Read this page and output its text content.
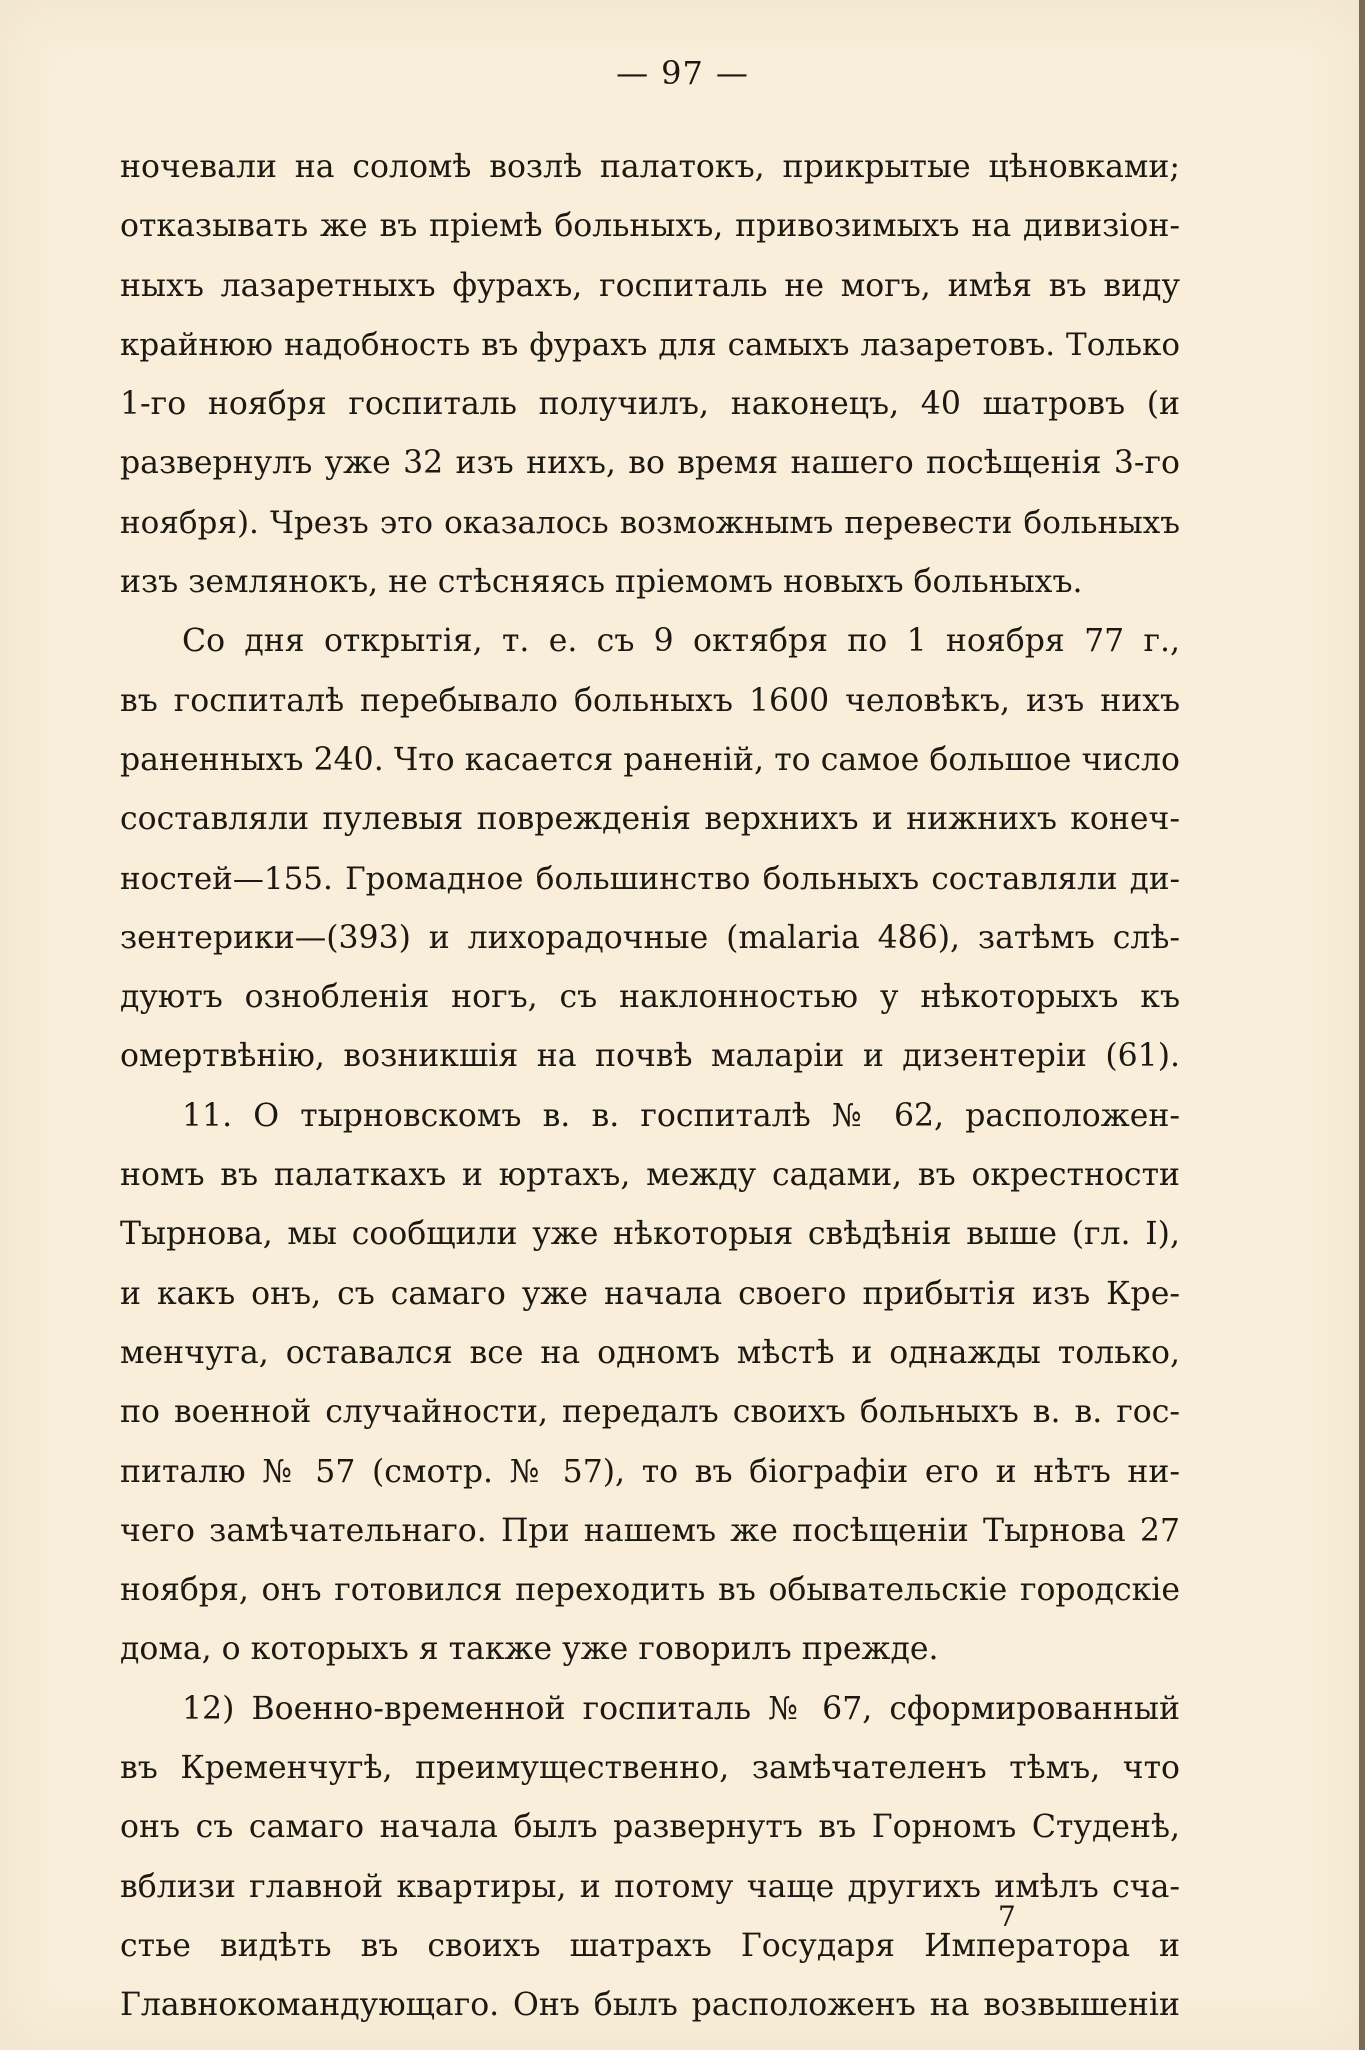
— 97 —
ночевали на соломѣ возлѣ палатокъ, прикрытые цѣновками;
отказывать же въ пріемѣ больныхъ, привозимыхъ на дивизіон-
ныхъ лазаретныхъ фурахъ, госпиталь не могъ, имѣя въ виду
крайнюю надобность въ фурахъ для самыхъ лазаретовъ. Только
1-го ноября госпиталь получилъ, наконецъ, 40 шатровъ (и
развернулъ уже 32 изъ нихъ, во время нашего посѣщенія 3-го
ноября). Чрезъ это оказалось возможнымъ перевести больныхъ
изъ землянокъ, не стѣсняясь пріемомъ новыхъ больныхъ.
Со дня открытія, т. е. съ 9 октября по 1 ноября 77 г.,
въ госпиталѣ перебывало больныхъ 1600 человѣкъ, изъ нихъ
раненныхъ 240. Что касается раненій, то самое большое число
составляли пулевыя поврежденія верхнихъ и нижнихъ конеч-
ностей—155. Громадное большинство больныхъ составляли ди-
зентерики—(393) и лихорадочные (malaria 486), затѣмъ слѣ-
дуютъ ознобленія ногъ, съ наклонностью у нѣкоторыхъ къ
омертвѣнію, возникшія на почвѣ маларіи и дизентеріи (61).
11. О тырновскомъ в. в. госпиталѣ № 62, расположен-
номъ въ палаткахъ и юртахъ, между садами, въ окрестности
Тырнова, мы сообщили уже нѣкоторыя свѣдѣнія выше (гл. I),
и какъ онъ, съ самаго уже начала своего прибытія изъ Кре-
менчуга, оставался все на одномъ мѣстѣ и однажды только,
по военной случайности, передалъ своихъ больныхъ в. в. гос-
питалю № 57 (смотр. № 57), то въ біографіи его и нѣтъ ни-
чего замѣчательнаго. При нашемъ же посѣщеніи Тырнова 27
ноября, онъ готовился переходить въ обывательскіе городскіе
дома, о которыхъ я также уже говорилъ прежде.
12) Военно-временной госпиталь № 67, сформированный
въ Кременчугѣ, преимущественно, замѣчателенъ тѣмъ, что
онъ съ самаго начала былъ развернутъ въ Горномъ Студенѣ,
вблизи главной квартиры, и потому чаще другихъ имѣлъ сча-
стье видѣть въ своихъ шатрахъ Государя Императора и
Главнокомандующаго. Онъ былъ расположенъ на возвышеніи
7
